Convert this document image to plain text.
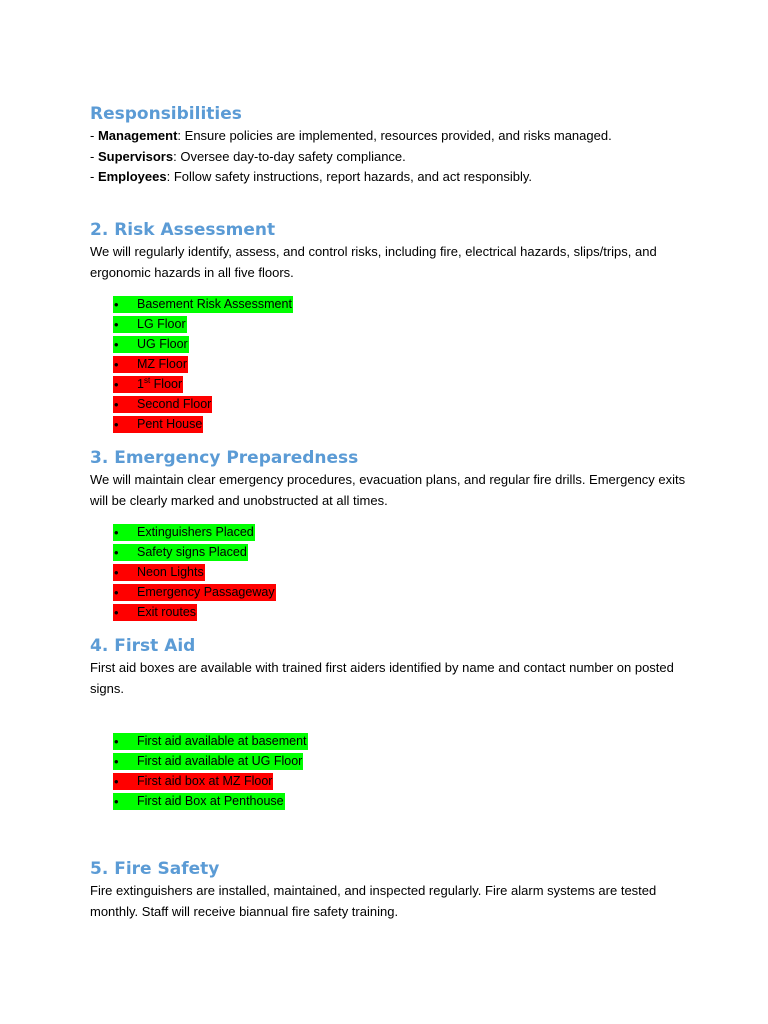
Responsibilities
- Management: Ensure policies are implemented, resources provided, and risks managed.
- Supervisors: Oversee day-to-day safety compliance.
- Employees: Follow safety instructions, report hazards, and act responsibly.
2. Risk Assessment
We will regularly identify, assess, and control risks, including fire, electrical hazards, slips/trips, and
ergonomic hazards in all five floors.
•	Basement Risk Assessment
•	LG Floor
•	UG Floor
•	MZ Floor
•	1st Floor
•	Second Floor
•	Pent House
3. Emergency Preparedness
We will maintain clear emergency procedures, evacuation plans, and regular fire drills. Emergency exits
will be clearly marked and unobstructed at all times.
•	Extinguishers Placed
•	Safety signs Placed
•	Neon Lights
•	Emergency Passageway
•	Exit routes
4. First Aid
First aid boxes are available with trained first aiders identified by name and contact number on posted
signs.
•	First aid available at basement
•	First aid available at UG Floor
•	First aid box at MZ Floor
•	First aid Box at Penthouse
5. Fire Safety
Fire extinguishers are installed, maintained, and inspected regularly. Fire alarm systems are tested
monthly. Staff will receive biannual fire safety training.
